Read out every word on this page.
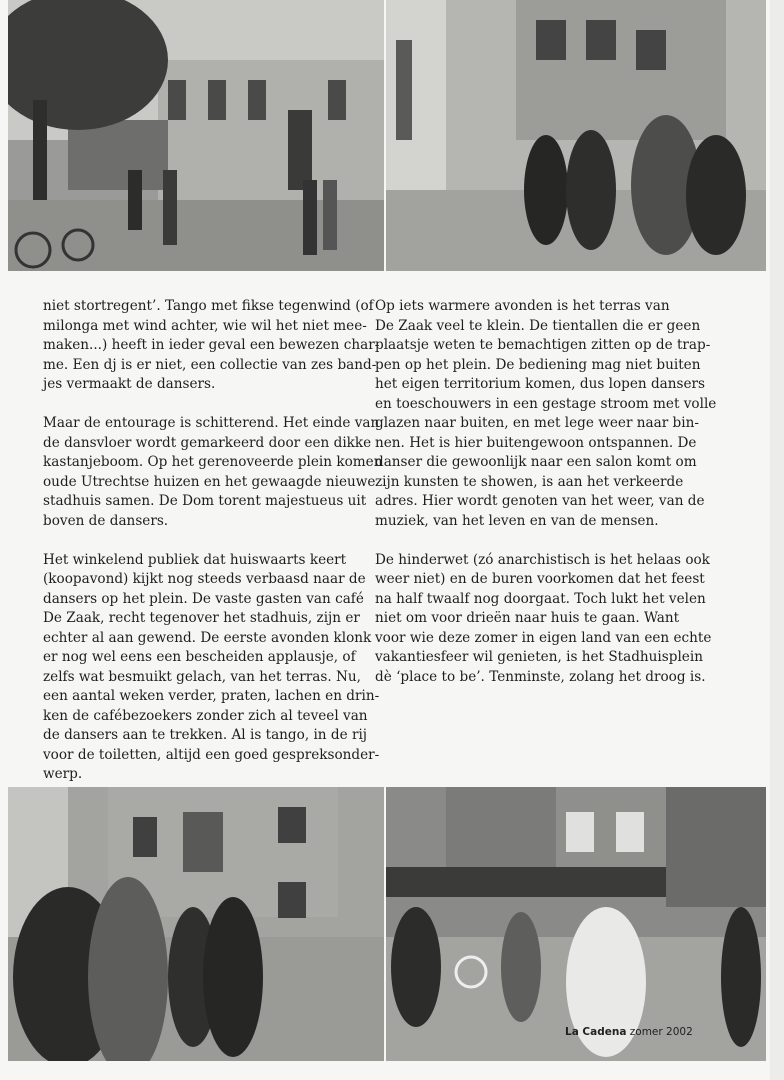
niet stortregent’. Tango met fikse tegenwind (of
milonga met wind achter, wie wil het niet mee-
maken...) heeft in ieder geval een bewezen char-
me. Een dj is er niet, een collectie van zes band-
jes vermaakt de dansers.

Maar de entourage is schitterend. Het einde van
de dansvloer wordt gemarkeerd door een dikke
kastanjeboom. Op het gerenoveerde plein komen
oude Utrechtse huizen en het gewaagde nieuwe
stadhuis samen. De Dom torent majestueus uit
boven de dansers.

Het winkelend publiek dat huiswaarts keert
(koopavond) kijkt nog steeds verbaasd naar de
dansers op het plein. De vaste gasten van café
De Zaak, recht tegenover het stadhuis, zijn er
echter al aan gewend. De eerste avonden klonk
er nog wel eens een bescheiden applausje, of
zelfs wat besmuikt gelach, van het terras. Nu,
een aantal weken verder, praten, lachen en drin-
ken de cafébezoekers zonder zich al teveel van
de dansers aan te trekken. Al is tango, in de rij
voor de toiletten, altijd een goed gespreksonder-
werp.

Op iets warmere avonden is het terras van
De Zaak veel te klein. De tientallen die er geen
plaatsje weten te bemachtigen zitten op de trap-
pen op het plein. De bediening mag niet buiten
het eigen territorium komen, dus lopen dansers
en toeschouwers in een gestage stroom met volle
glazen naar buiten, en met lege weer naar bin-
nen. Het is hier buitengewoon ontspannen. De
danser die gewoonlijk naar een salon komt om
zijn kunsten te showen, is aan het verkeerde
adres. Hier wordt genoten van het weer, van de
muziek, van het leven en van de mensen.

De hinderwet (zó anarchistisch is het helaas ook
weer niet) en de buren voorkomen dat het feest
na half twaalf nog doorgaat. Toch lukt het velen
niet om voor drieën naar huis te gaan. Want
voor wie deze zomer in eigen land van een echte
vakantiesfeer wil genieten, is het Stadhuisplein
dè ‘place to be’. Tenminste, zolang het droog is.

La Cadena zomer 2002
